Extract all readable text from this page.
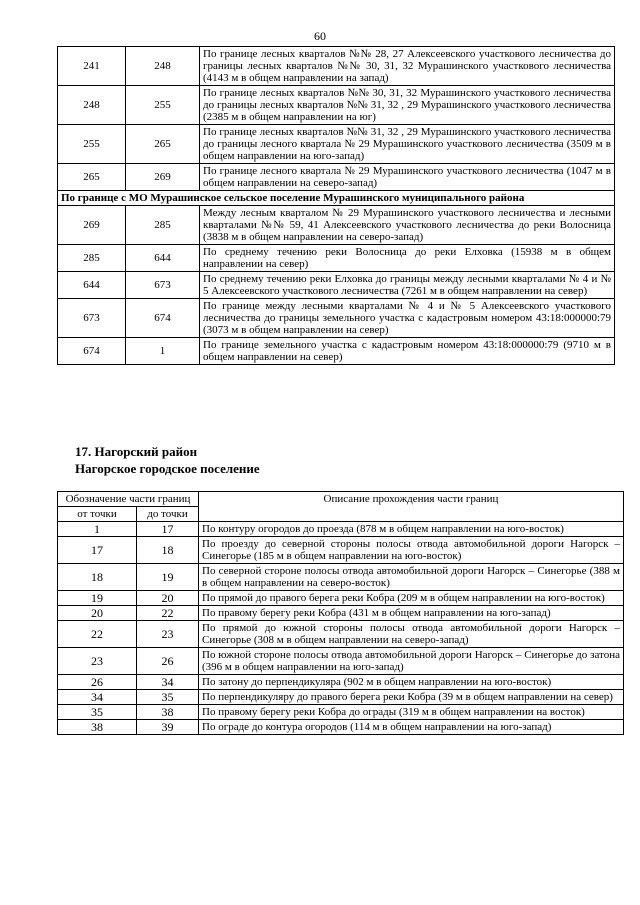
60
241	248	По границе лесных кварталов №№ 28, 27 Алексеевского участкового лесничества до границы лесных кварталов №№ 30, 31, 32 Мурашинского участкового лесничества (4143 м в общем направлении на запад)
248	255	По границе лесных кварталов №№ 30, 31, 32 Мурашинского участкового лесничества до границы лесных кварталов №№ 31, 32 , 29 Мурашинского участкового лесничества (2385 м в общем направлении на юг)
255	265	По границе лесных кварталов №№ 31, 32 , 29 Мурашинского участкового лесничества до границы лесного квартала № 29 Мурашинского участкового лесничества (3509 м в общем направлении на юго-запад)
265	269	По границе лесного квартала № 29 Мурашинского участкового лесничества (1047 м в общем направлении на северо-запад)
По границе с МО Мурашинское сельское поселение Мурашинского муниципального района		
269	285	Между лесным кварталом № 29 Мурашинского участкового лесничества и лесными кварталами №№ 59, 41 Алексеевского участкового лесничества до реки Волосница (3838 м в общем направлении на северо-запад)
285	644	По среднему течению реки Волосница до реки Елховка (15938 м в общем направлении на север)
644	673	По среднему течению реки Елховка до границы между лесными кварталами № 4 и № 5 Алексеевского участкового лесничества (7261 м в общем направлении на север)
673	674	По границе между лесными кварталами № 4 и № 5 Алексеевского участкового лесничества до границы земельного участка с кадастровым номером 43:18:000000:79 (3073 м в общем направлении на север)
674	1	По границе земельного участка с кадастровым номером 43:18:000000:79 (9710 м в общем направлении на север)
17. Нагорский район
Нагорское городское поселение
Обозначение части границ		Описание прохождения части границ
от точки	до точки	
1	17	По контуру огородов до проезда (878 м в общем направлении на юго-восток)
17	18	По проезду до северной стороны полосы отвода автомобильной дороги Нагорск – Синегорье (185 м в общем направлении на юго-восток)
18	19	По северной стороне полосы отвода автомобильной дороги Нагорск – Синегорье (388 м в общем направлении на северо-восток)
19	20	По прямой до правого берега реки Кобра (209 м в общем направлении на юго-восток)
20	22	По правому берегу реки Кобра (431 м в общем направлении на юго-запад)
22	23	По прямой до южной стороны полосы отвода автомобильной дороги Нагорск – Синегорье (308 м в общем направлении на северо-запад)
23	26	По южной стороне полосы отвода автомобильной дороги Нагорск – Синегорье до затона (396 м в общем направлении на юго-запад)
26	34	По затону до перпендикуляра (902 м в общем направлении на юго-восток)
34	35	По перпендикуляру до правого берега реки Кобра (39 м в общем направлении на север)
35	38	По правому берегу реки Кобра до ограды (319 м в общем направлении на восток)
38	39	По ограде до контура огородов (114 м в общем направлении на юго-запад)
